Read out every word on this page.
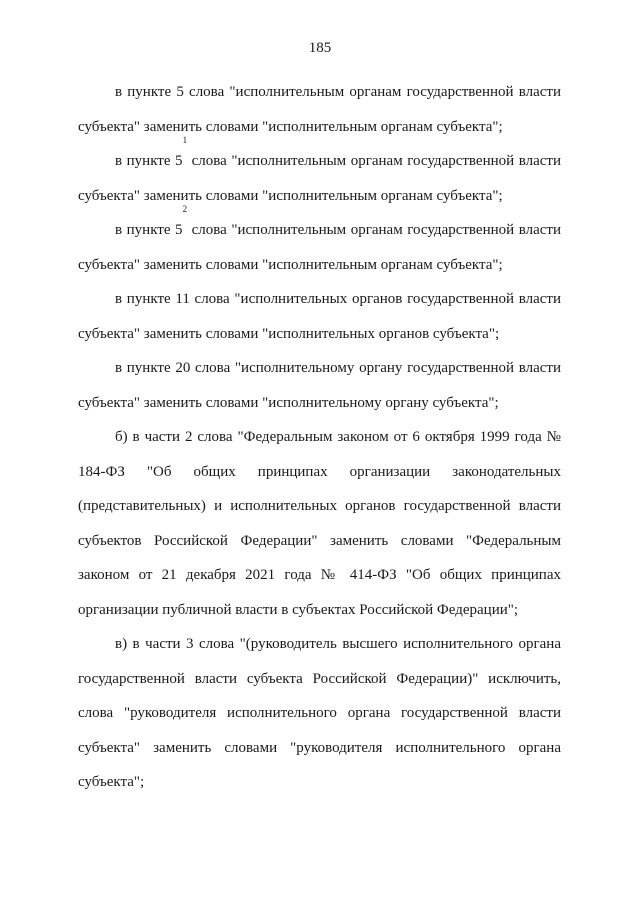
185

в пункте 5 слова "исполнительным органам государственной власти субъекта" заменить словами "исполнительным органам субъекта";

в пункте $5^1$ слова "исполнительным органам государственной власти субъекта" заменить словами "исполнительным органам субъекта";

в пункте $5^2$ слова "исполнительным органам государственной власти субъекта" заменить словами "исполнительным органам субъекта";

в пункте 11 слова "исполнительных органов государственной власти субъекта" заменить словами "исполнительных органов субъекта";

в пункте 20 слова "исполнительному органу государственной власти субъекта" заменить словами "исполнительному органу субъекта";

б) в части 2 слова "Федеральным законом от 6 октября 1999 года № 184-ФЗ "Об общих принципах организации законодательных (представительных) и исполнительных органов государственной власти субъектов Российской Федерации" заменить словами "Федеральным законом от 21 декабря 2021 года № 414-ФЗ "Об общих принципах организации публичной власти в субъектах Российской Федерации";

в) в части 3 слова "(руководитель высшего исполнительного органа государственной власти субъекта Российской Федерации)" исключить, слова "руководителя исполнительного органа государственной власти субъекта" заменить словами "руководителя исполнительного органа субъекта";
